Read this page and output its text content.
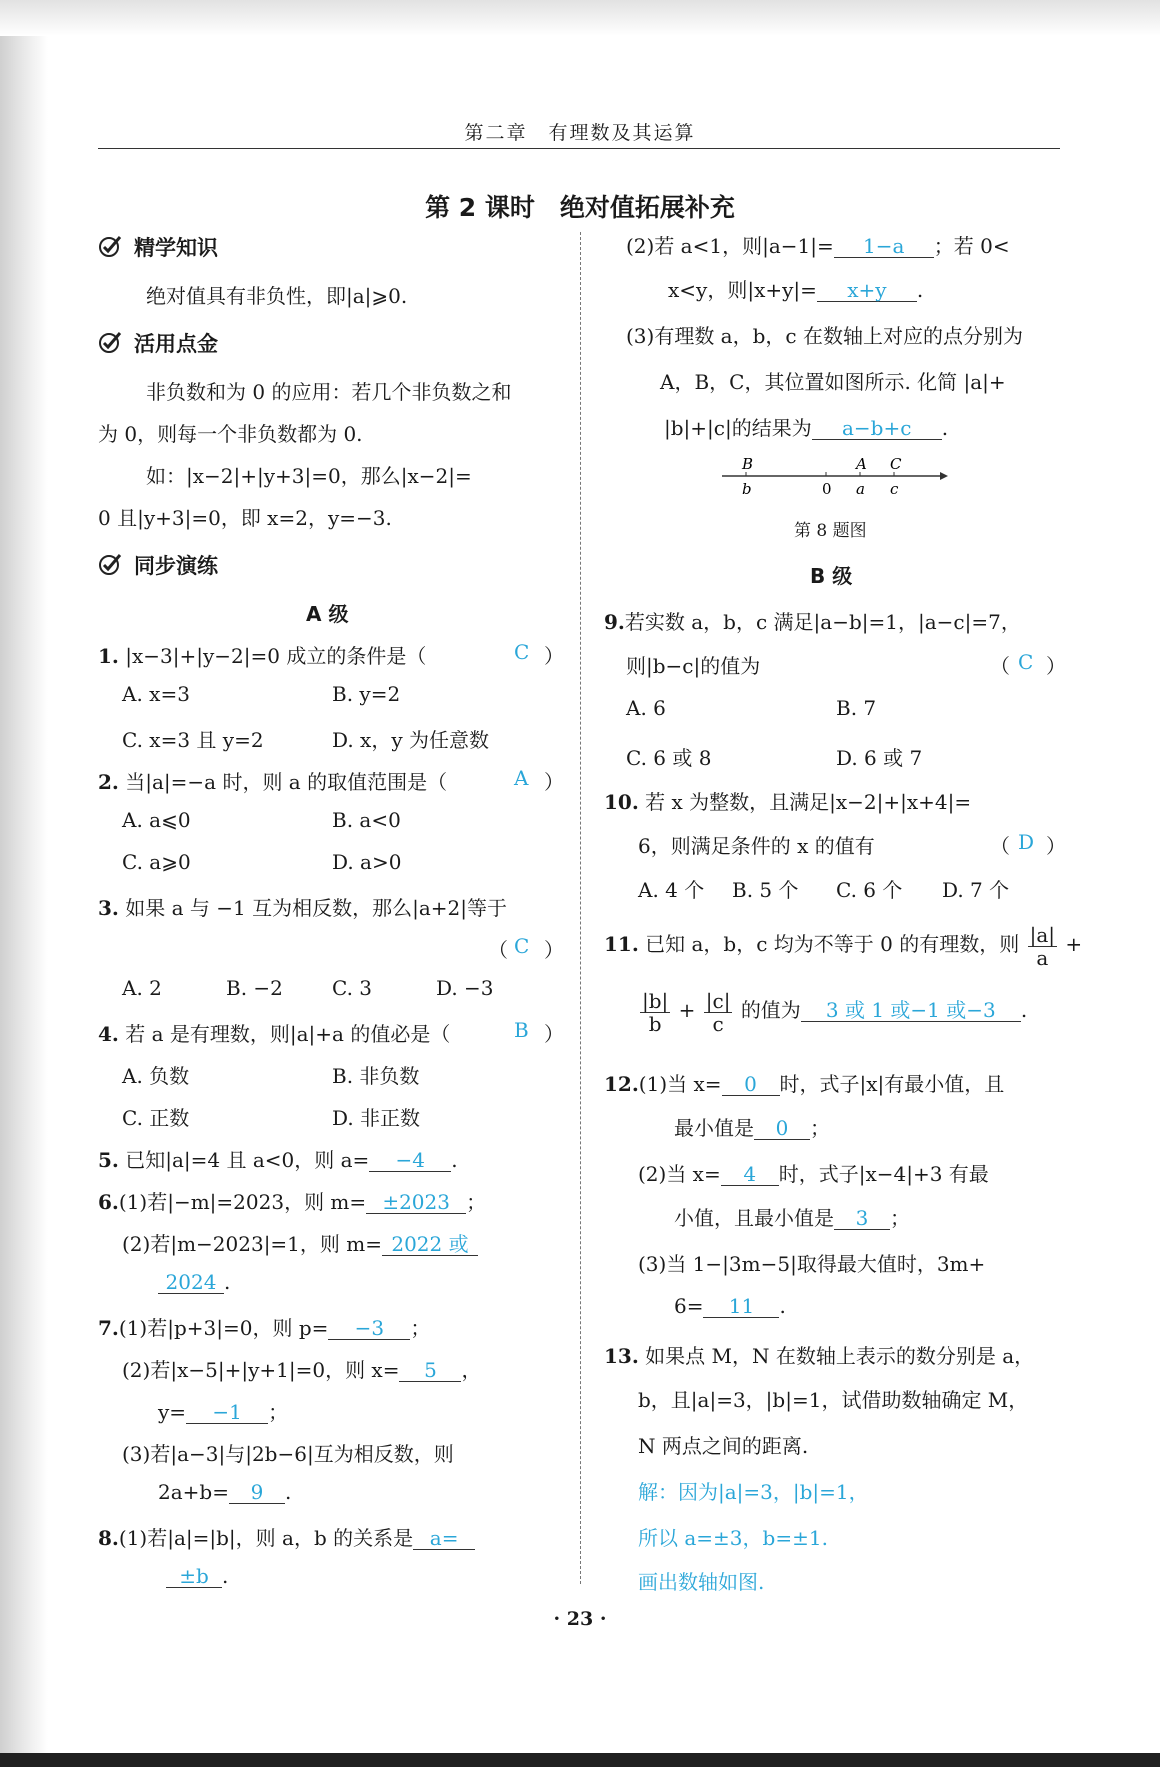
第二章　有理数及其运算
第 2 课时　绝对值拓展补充
精学知识
绝对值具有非负性，即|a|⩾0.
活用点金
非负数和为 0 的应用：若几个非负数之和
为 0，则每一个非负数都为 0.
如：|x−2|+|y+3|=0，那么|x−2|=
0 且|y+3|=0，即 x=2，y=−3.
同步演练
A 级
1. |x−3|+|y−2|=0 成立的条件是（	C ）
A. x=3	B. y=2
C. x=3 且 y=2	D. x，y 为任意数
2. 当|a|=−a 时，则 a 的取值范围是（	A ）
A. a⩽0	B. a<0
C. a⩾0	D. a>0
3. 如果 a 与 −1 互为相反数，那么|a+2|等于
（ C ）
A. 2	B. −2 C. 3	D. −3
4. 若 a 是有理数，则|a|+a 的值必是（	B ）
A. 负数	B. 非负数
C. 正数	D. 非正数
5. 已知|a|=4 且 a<0，则 a= −4 .
6.(1)若|−m|=2023，则 m= ±2023 ；
(2)若|m−2023|=1，则 m= 2022 或
2024 .
7.(1)若|p+3|=0，则 p= −3 ；
(2)若|x−5|+|y+1|=0，则 x= 5 ，
y= −1 ；
(3)若|a−3|与|2b−6|互为相反数，则
2a+b= 9 .
8.(1)若|a|=|b|，则 a，b 的关系是 a=
±b .
(2)若 a<1，则|a−1|= 1−a ；若 0<
x<y，则|x+y|= x+y .
(3)有理数 a，b，c 在数轴上对应的点分别为
A，B，C，其位置如图所示. 化简 |a|+
|b|+|c|的结果为 a−b+c .
B	A C
b	0 a c
第 8 题图
B 级
9.若实数 a，b，c 满足|a−b|=1，|a−c|=7，
则|b−c|的值为	（ C ）
A. 6	B. 7
C. 6 或 8	D. 6 或 7
10. 若 x 为整数，且满足|x−2|+|x+4|=
6，则满足条件的 x 的值有	（ D ）
A. 4 个 B. 5 个 C. 6 个 D. 7 个
11. 已知 a，b，c 均为不等于 0 的有理数，则 $\frac{|a|}{a}$ +
$\frac{|b|}{b} + \frac{|c|}{c}$ 的值为 3 或 1 或−1 或−3 .
12.(1)当 x= 0 时，式子|x|有最小值，且
最小值是 0 ；
(2)当 x= 4 时，式子|x−4|+3 有最
小值，且最小值是 3 ；
(3)当 1−|3m−5|取得最大值时，3m+
6= 11 .
13. 如果点 M，N 在数轴上表示的数分别是 a，
b，且|a|=3，|b|=1，试借助数轴确定 M，
N 两点之间的距离.
解：因为|a|=3，|b|=1，
所以 a=±3，b=±1.
画出数轴如图.
· 23 ·
